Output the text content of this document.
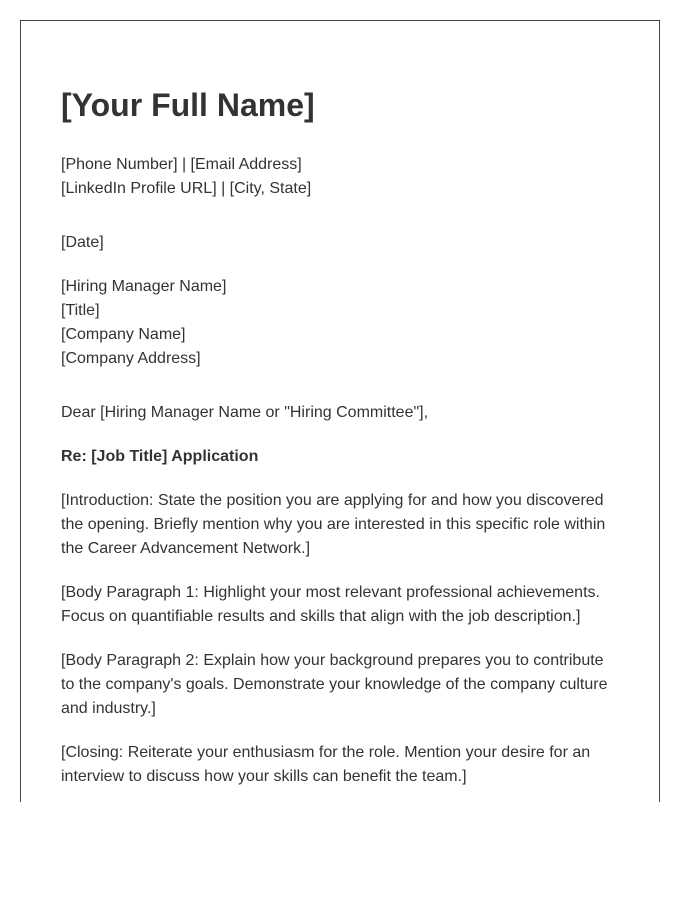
[Your Full Name]
[Phone Number] | [Email Address]
[LinkedIn Profile URL] | [City, State]
[Date]
[Hiring Manager Name]
[Title]
[Company Name]
[Company Address]
Dear [Hiring Manager Name or "Hiring Committee"],
Re: [Job Title] Application

[Introduction: State the position you are applying for and how you discovered the opening. Briefly mention why you are interested in this specific role within the Career Advancement Network.]

[Body Paragraph 1: Highlight your most relevant professional achievements. Focus on quantifiable results and skills that align with the job description.]

[Body Paragraph 2: Explain how your background prepares you to contribute to the company's goals. Demonstrate your knowledge of the company culture and industry.]

[Closing: Reiterate your enthusiasm for the role. Mention your desire for an interview to discuss how your skills can benefit the team.]
